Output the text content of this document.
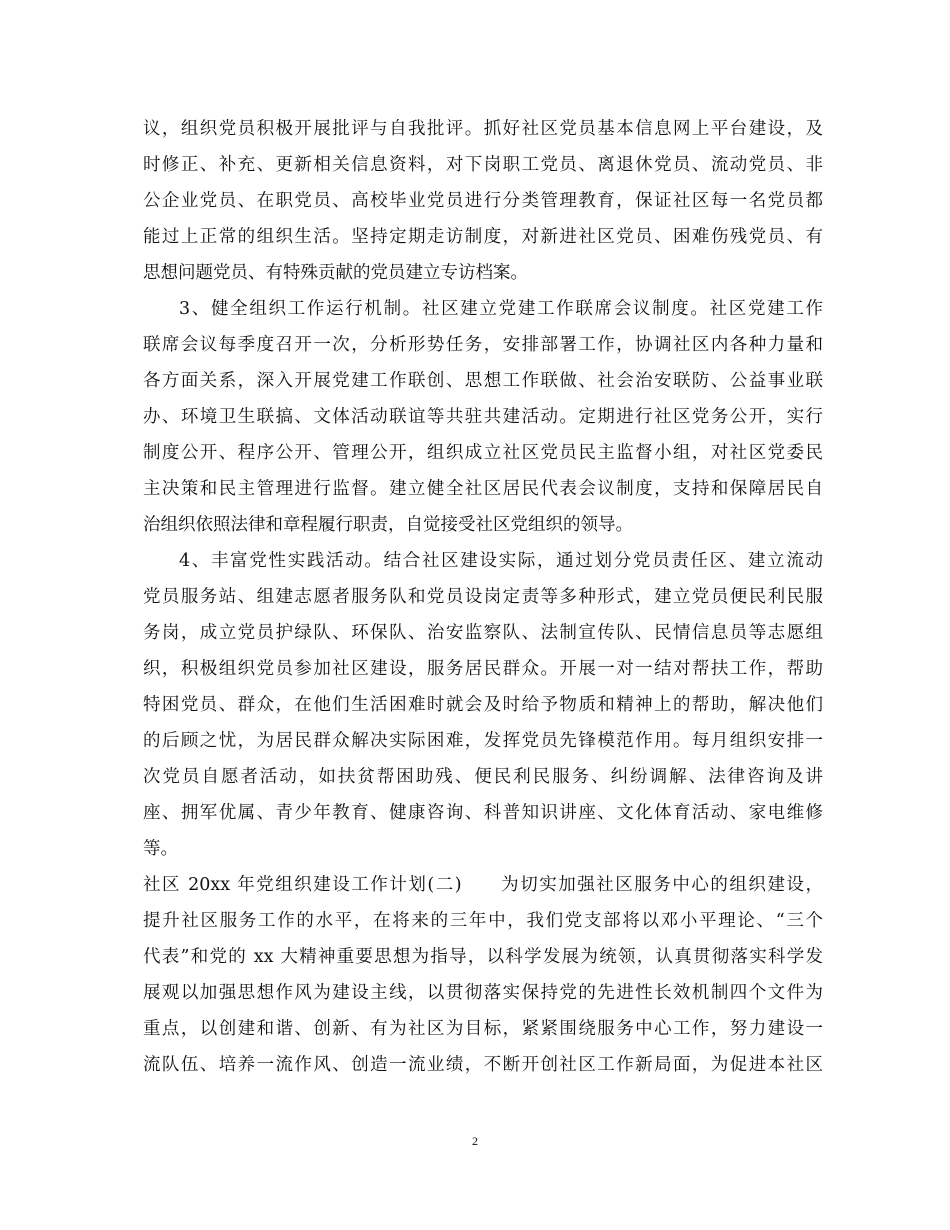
议，组织党员积极开展批评与自我批评。抓好社区党员基本信息网上平台建设，及
时修正、补充、更新相关信息资料，对下岗职工党员、离退休党员、流动党员、非
公企业党员、在职党员、高校毕业党员进行分类管理教育，保证社区每一名党员都
能过上正常的组织生活。坚持定期走访制度，对新进社区党员、困难伤残党员、有
思想问题党员、有特殊贡献的党员建立专访档案。
3、健全组织工作运行机制。社区建立党建工作联席会议制度。社区党建工作
联席会议每季度召开一次，分析形势任务，安排部署工作，协调社区内各种力量和
各方面关系，深入开展党建工作联创、思想工作联做、社会治安联防、公益事业联
办、环境卫生联搞、文体活动联谊等共驻共建活动。定期进行社区党务公开，实行
制度公开、程序公开、管理公开，组织成立社区党员民主监督小组，对社区党委民
主决策和民主管理进行监督。建立健全社区居民代表会议制度，支持和保障居民自
治组织依照法律和章程履行职责，自觉接受社区党组织的领导。
4、丰富党性实践活动。结合社区建设实际，通过划分党员责任区、建立流动
党员服务站、组建志愿者服务队和党员设岗定责等多种形式，建立党员便民利民服
务岗，成立党员护绿队、环保队、治安监察队、法制宣传队、民情信息员等志愿组
织，积极组织党员参加社区建设，服务居民群众。开展一对一结对帮扶工作，帮助
特困党员、群众，在他们生活困难时就会及时给予物质和精神上的帮助，解决他们
的后顾之忧，为居民群众解决实际困难，发挥党员先锋模范作用。每月组织安排一
次党员自愿者活动，如扶贫帮困助残、便民利民服务、纠纷调解、法律咨询及讲
座、拥军优属、青少年教育、健康咨询、科普知识讲座、文化体育活动、家电维修
等。
社区 20xx 年党组织建设工作计划(二)　　为切实加强社区服务中心的组织建设，
提升社区服务工作的水平，在将来的三年中，我们党支部将以邓小平理论、“三个
代表”和党的 xx 大精神重要思想为指导，以科学发展为统领，认真贯彻落实科学发
展观以加强思想作风为建设主线，以贯彻落实保持党的先进性长效机制四个文件为
重点，以创建和谐、创新、有为社区为目标，紧紧围绕服务中心工作，努力建设一
流队伍、培养一流作风、创造一流业绩，不断开创社区工作新局面，为促进本社区
2
